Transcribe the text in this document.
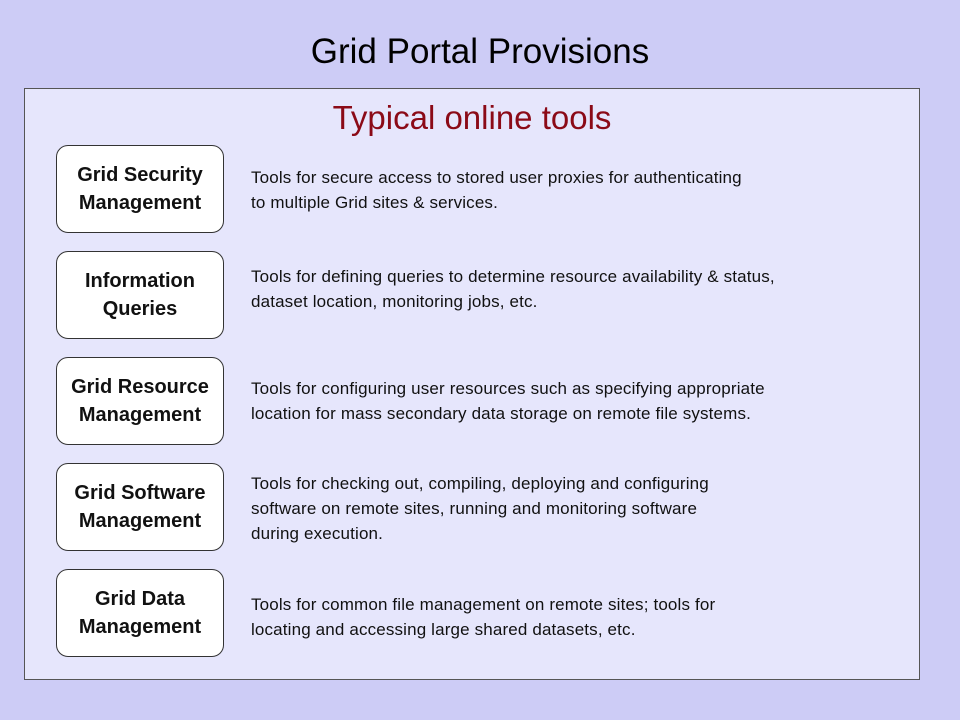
Grid Portal Provisions
Typical online tools
Grid Security
Management
Tools for secure access to stored user proxies for authenticating
to multiple Grid sites & services.
Information
Queries
Tools for defining queries to determine resource availability & status,
dataset location, monitoring jobs, etc.
Grid Resource
Management
Tools for configuring user resources such as specifying appropriate
location for mass secondary data storage on remote file systems.
Grid Software
Management
Tools for checking out, compiling, deploying and configuring
software on remote sites, running and monitoring software
during execution.
Grid Data
Management
Tools for common file management on remote sites; tools for
locating and accessing large shared datasets, etc.
